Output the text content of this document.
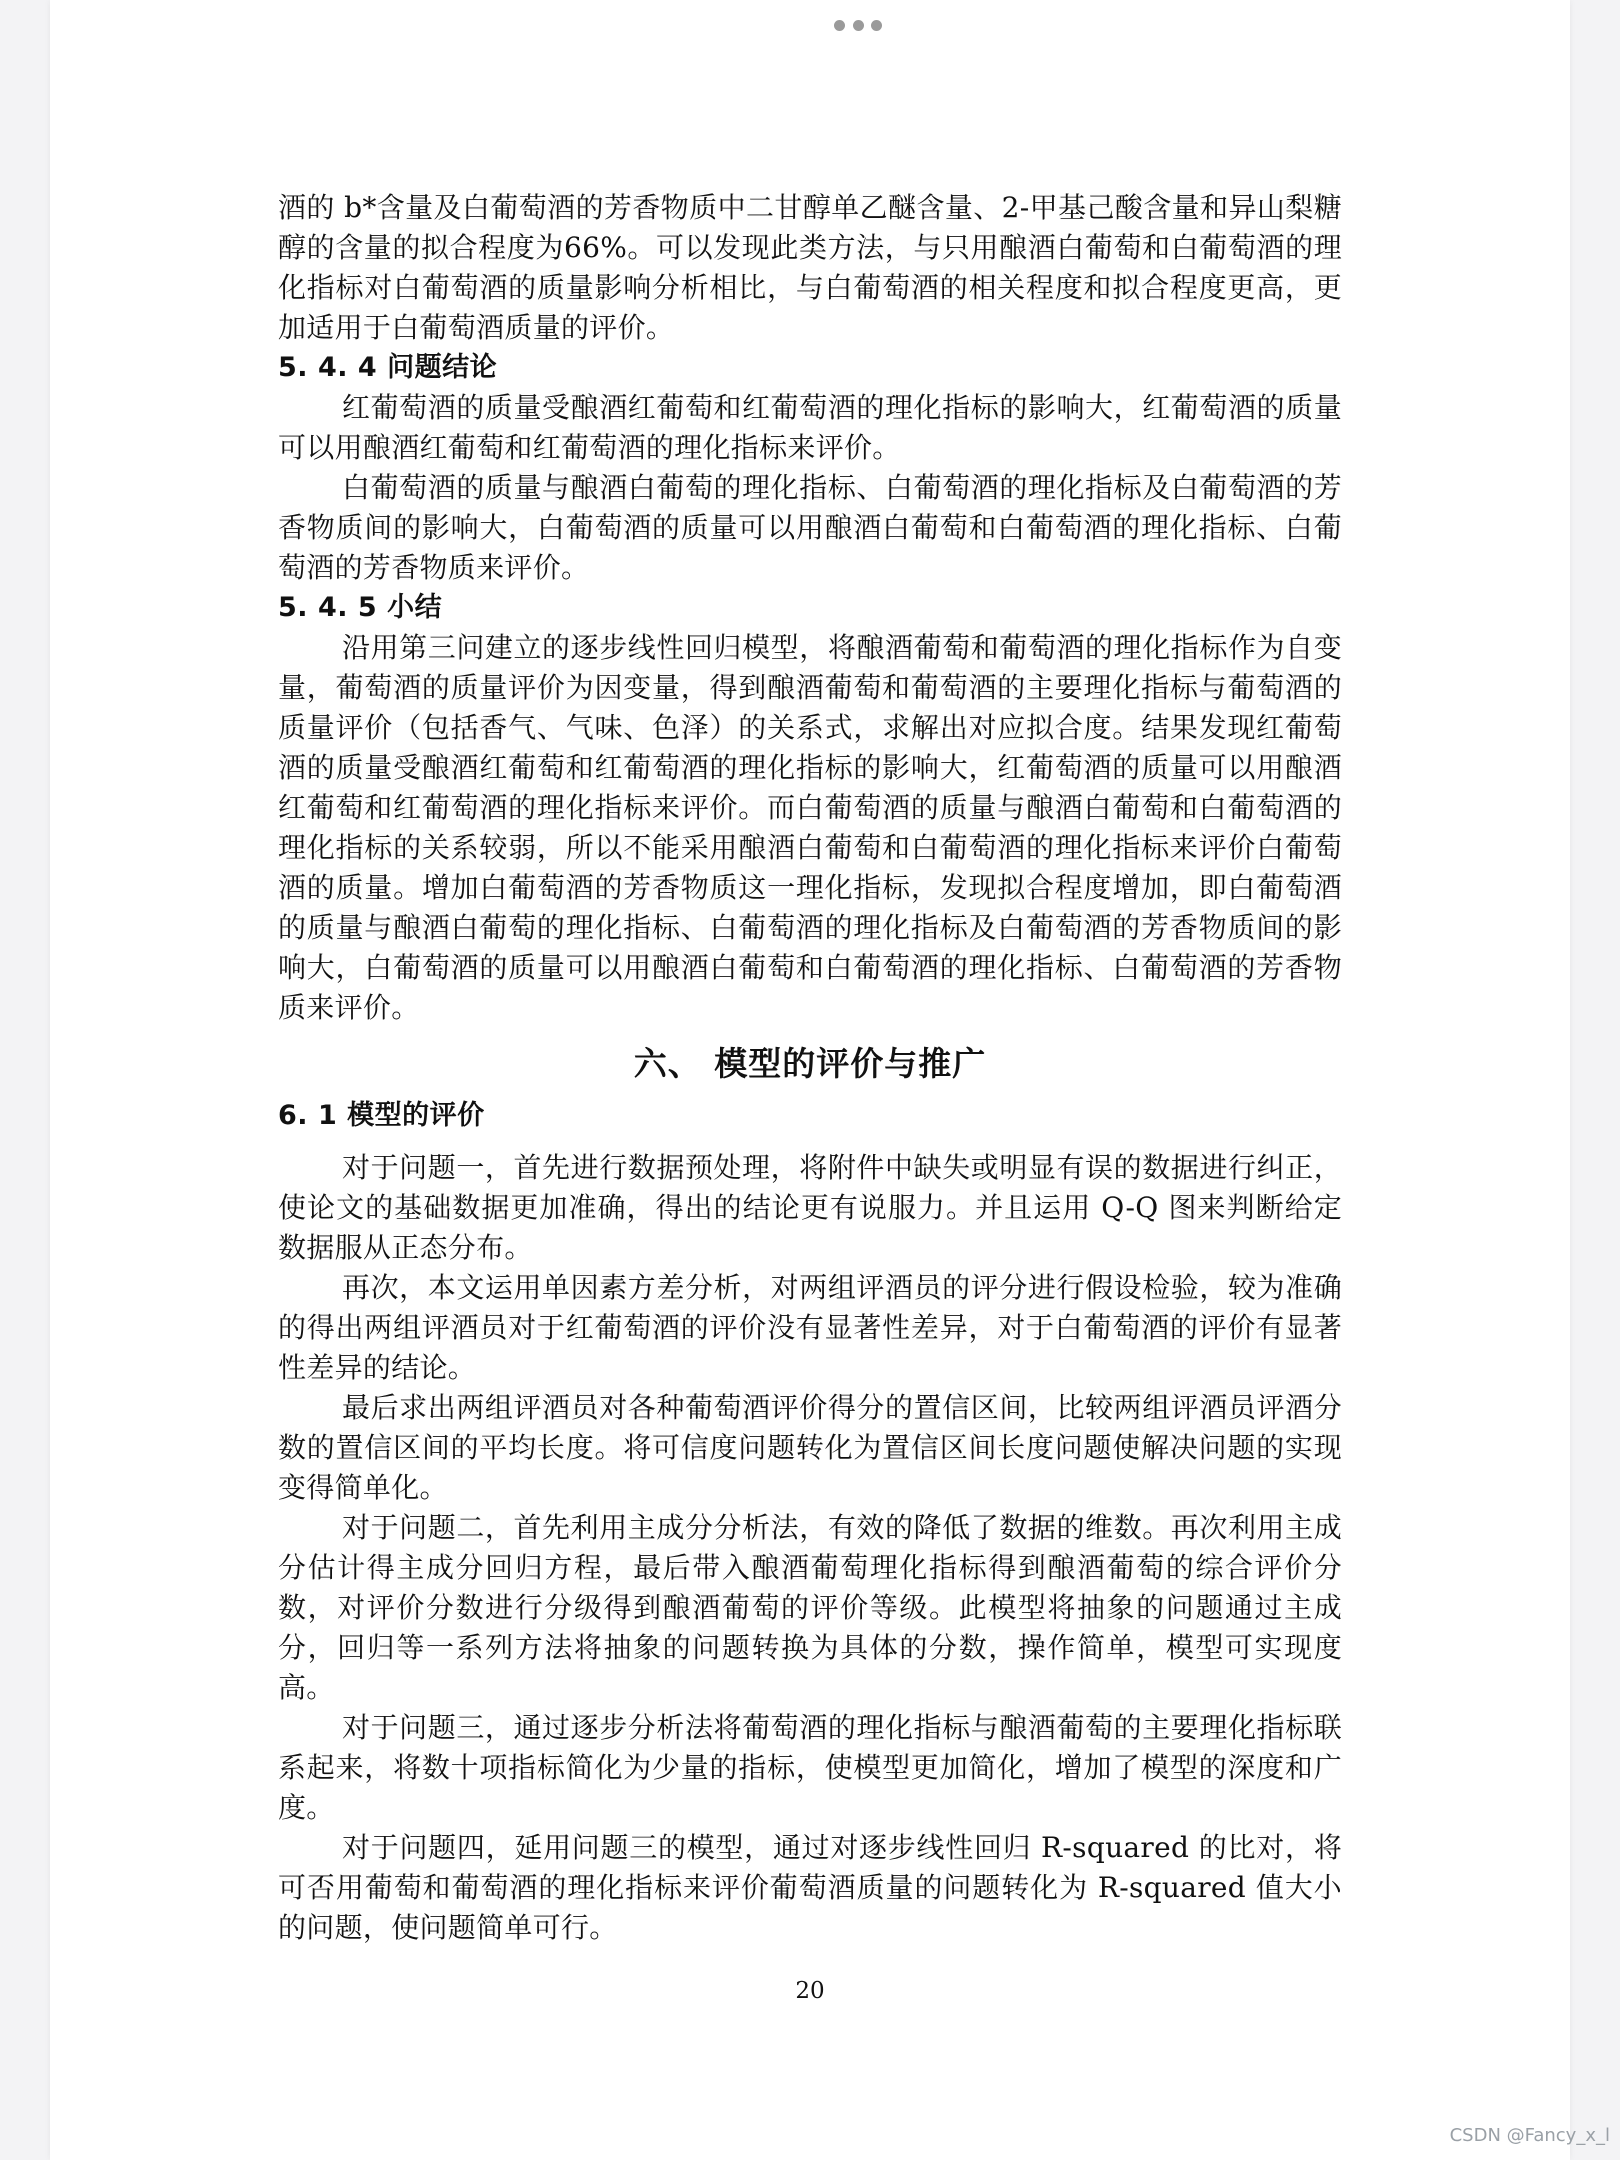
酒的 b*含量及白葡萄酒的芳香物质中二甘醇单乙醚含量、2-甲基己酸含量和异山梨糖醇的含量的拟合程度为66%。可以发现此类方法，与只用酿酒白葡萄和白葡萄酒的理化指标对白葡萄酒的质量影响分析相比，与白葡萄酒的相关程度和拟合程度更高，更加适用于白葡萄酒质量的评价。

5. 4. 4 问题结论

红葡萄酒的质量受酿酒红葡萄和红葡萄酒的理化指标的影响大，红葡萄酒的质量可以用酿酒红葡萄和红葡萄酒的理化指标来评价。

白葡萄酒的质量与酿酒白葡萄的理化指标、白葡萄酒的理化指标及白葡萄酒的芳香物质间的影响大，白葡萄酒的质量可以用酿酒白葡萄和白葡萄酒的理化指标、白葡萄酒的芳香物质来评价。

5. 4. 5 小结

沿用第三问建立的逐步线性回归模型，将酿酒葡萄和葡萄酒的理化指标作为自变量，葡萄酒的质量评价为因变量，得到酿酒葡萄和葡萄酒的主要理化指标与葡萄酒的质量评价（包括香气、气味、色泽）的关系式，求解出对应拟合度。结果发现红葡萄酒的质量受酿酒红葡萄和红葡萄酒的理化指标的影响大，红葡萄酒的质量可以用酿酒红葡萄和红葡萄酒的理化指标来评价。而白葡萄酒的质量与酿酒白葡萄和白葡萄酒的理化指标的关系较弱，所以不能采用酿酒白葡萄和白葡萄酒的理化指标来评价白葡萄酒的质量。增加白葡萄酒的芳香物质这一理化指标，发现拟合程度增加，即白葡萄酒的质量与酿酒白葡萄的理化指标、白葡萄酒的理化指标及白葡萄酒的芳香物质间的影响大，白葡萄酒的质量可以用酿酒白葡萄和白葡萄酒的理化指标、白葡萄酒的芳香物质来评价。

六、 模型的评价与推广
6. 1 模型的评价

对于问题一，首先进行数据预处理，将附件中缺失或明显有误的数据进行纠正，使论文的基础数据更加准确，得出的结论更有说服力。并且运用 Q-Q 图来判断给定数据服从正态分布。

再次，本文运用单因素方差分析，对两组评酒员的评分进行假设检验，较为准确的得出两组评酒员对于红葡萄酒的评价没有显著性差异，对于白葡萄酒的评价有显著性差异的结论。

最后求出两组评酒员对各种葡萄酒评价得分的置信区间，比较两组评酒员评酒分数的置信区间的平均长度。将可信度问题转化为置信区间长度问题使解决问题的实现变得简单化。

对于问题二，首先利用主成分分析法，有效的降低了数据的维数。再次利用主成分估计得主成分回归方程，最后带入酿酒葡萄理化指标得到酿酒葡萄的综合评价分数，对评价分数进行分级得到酿酒葡萄的评价等级。此模型将抽象的问题通过主成分，回归等一系列方法将抽象的问题转换为具体的分数，操作简单，模型可实现度高。

对于问题三，通过逐步分析法将葡萄酒的理化指标与酿酒葡萄的主要理化指标联系起来，将数十项指标简化为少量的指标，使模型更加简化，增加了模型的深度和广度。

对于问题四，延用问题三的模型，通过对逐步线性回归 R-squared 的比对，将可否用葡萄和葡萄酒的理化指标来评价葡萄酒质量的问题转化为 R-squared 值大小的问题，使问题简单可行。

20
CSDN @Fancy_x_l
